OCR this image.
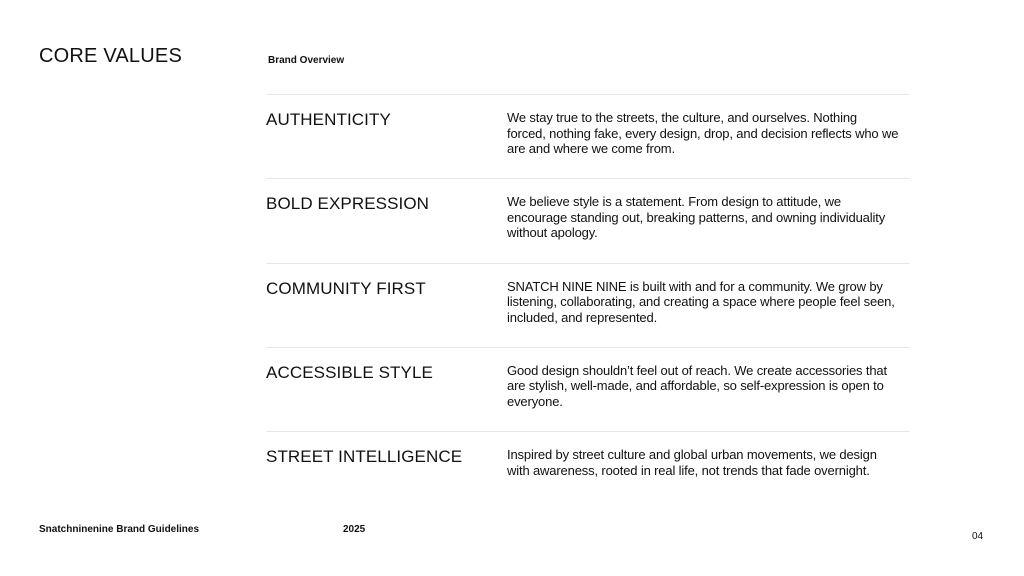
CORE VALUES	Brand Overview
AUTHENTICITY	We stay true to the streets, the culture, and ourselves. Nothing forced, nothing fake, every design, drop, and decision reflects who we are and where we come from.

BOLD EXPRESSION	We believe style is a statement. From design to attitude, we encourage standing out, breaking patterns, and owning individuality without apology.

COMMUNITY FIRST	SNATCH NINE NINE is built with and for a community. We grow by listening, collaborating, and creating a space where people feel seen, included, and represented.

ACCESSIBLE STYLE	Good design shouldn’t feel out of reach. We create accessories that are stylish, well-made, and affordable, so self-expression is open to everyone.

STREET INTELLIGENCE	Inspired by street culture and global urban movements, we design with awareness, rooted in real life, not trends that fade overnight.

Snatchninenine Brand Guidelines	2025
04
